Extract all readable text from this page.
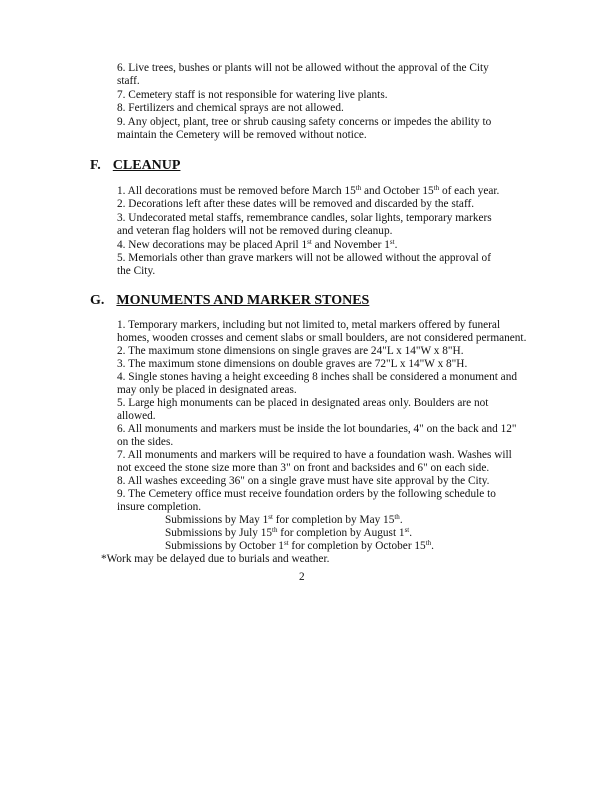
6. Live trees, bushes or plants will not be allowed without the approval of the City
staff.
7. Cemetery staff is not responsible for watering live plants.
8. Fertilizers and chemical sprays are not allowed.
9. Any object, plant, tree or shrub causing safety concerns or impedes the ability to
maintain the Cemetery will be removed without notice.
F. CLEANUP
1. All decorations must be removed before March 15th and October 15th of each year.
2. Decorations left after these dates will be removed and discarded by the staff.
3. Undecorated metal staffs, remembrance candles, solar lights, temporary markers
and veteran flag holders will not be removed during cleanup.
4. New decorations may be placed April 1st and November 1st.
5. Memorials other than grave markers will not be allowed without the approval of
the City.
G. MONUMENTS AND MARKER STONES
1. Temporary markers, including but not limited to, metal markers offered by funeral
homes, wooden crosses and cement slabs or small boulders, are not considered permanent.
2. The maximum stone dimensions on single graves are 24"L x 14"W x 8"H.
3. The maximum stone dimensions on double graves are 72"L x 14"W x 8"H.
4. Single stones having a height exceeding 8 inches shall be considered a monument and
may only be placed in designated areas.
5. Large high monuments can be placed in designated areas only. Boulders are not
allowed.
6. All monuments and markers must be inside the lot boundaries, 4" on the back and 12"
on the sides.
7. All monuments and markers will be required to have a foundation wash. Washes will
not exceed the stone size more than 3" on front and backsides and 6" on each side.
8. All washes exceeding 36" on a single grave must have site approval by the City.
9. The Cemetery office must receive foundation orders by the following schedule to
insure completion.
Submissions by May 1st for completion by May 15th.
Submissions by July 15th for completion by August 1st.
Submissions by October 1st for completion by October 15th.
*Work may be delayed due to burials and weather.
2
